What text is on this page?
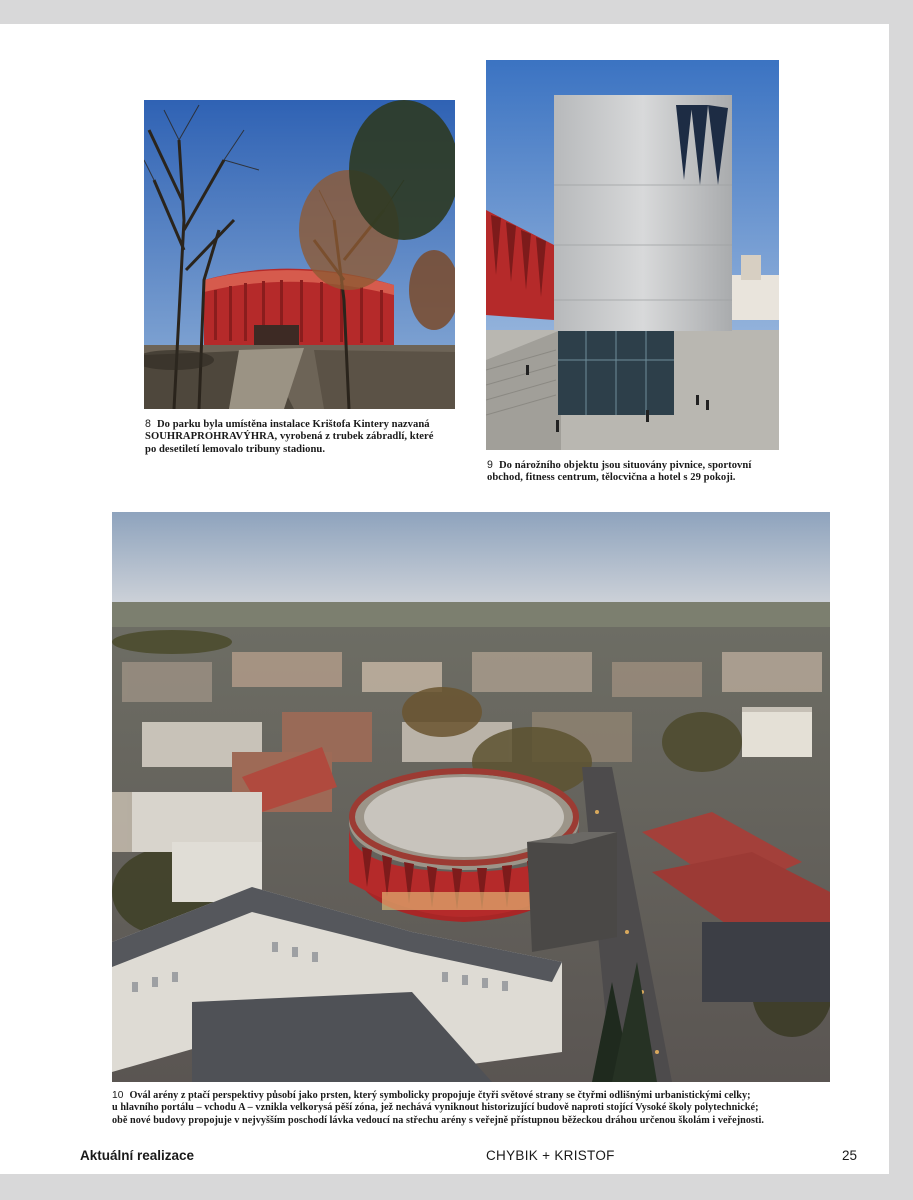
8 Do parku byla umístěna instalace Krištofa Kintery nazvaná
SOUHRAPROHRAVÝHRA, vyrobená z trubek zábradlí, které
po desetiletí lemovalo tribuny stadionu.
9 Do nárožního objektu jsou situovány pivnice, sportovní
obchod, fitness centrum, tělocvična a hotel s 29 pokoji.
10 Ovál arény z ptačí perspektivy působí jako prsten, který symbolicky propojuje čtyři světové strany se čtyřmi odlišnými urbanistickými celky;
u hlavního portálu – vchodu A – vznikla velkorysá pěší zóna, jež nechává vyniknout historizující budově naproti stojící Vysoké školy polytechnické;
obě nové budovy propojuje v nejvyšším poschodí lávka vedoucí na střechu arény s veřejně přístupnou běžeckou dráhou určenou školám i veřejnosti.
Aktuální realizace	CHYBIK + KRISTOF	25
